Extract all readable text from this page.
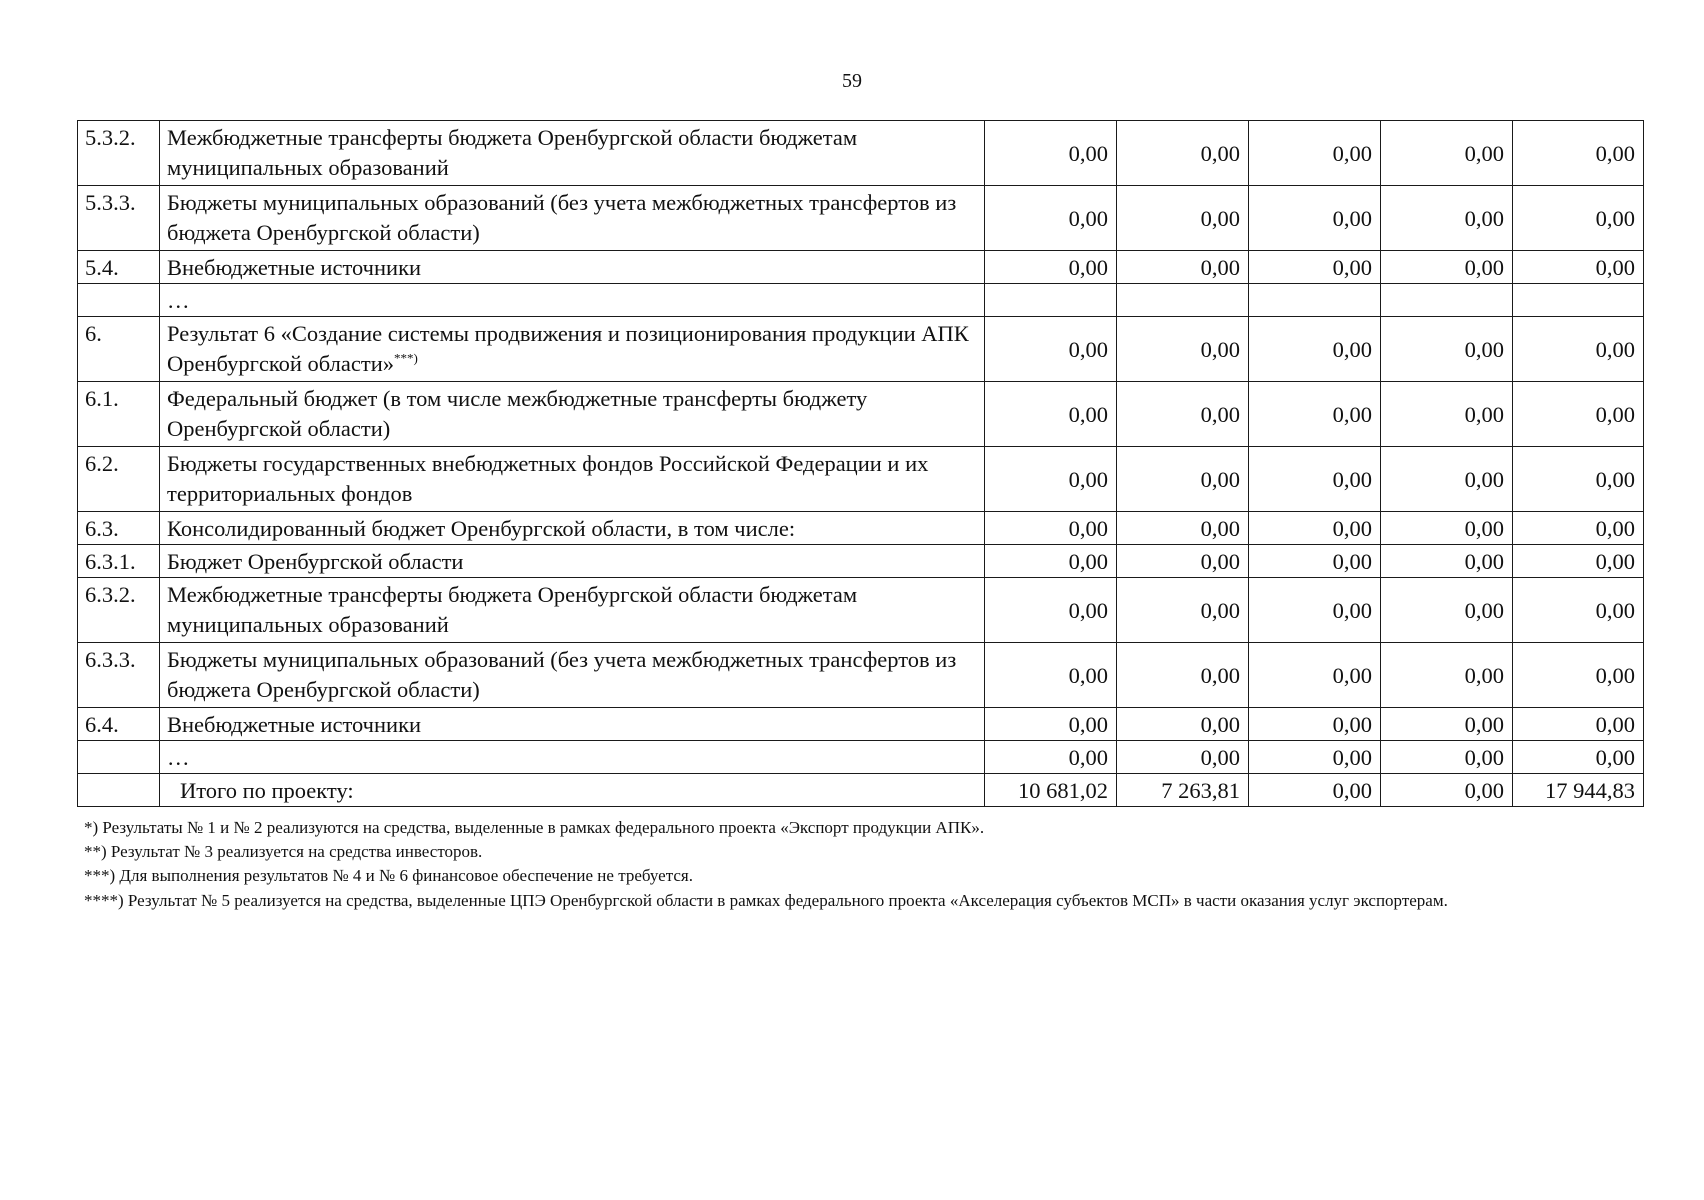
59
5.3.2.	Межбюджетные трансферты бюджета Оренбургской области бюджетам муниципальных образований	0,00	0,00	0,00	0,00	0,00
5.3.3.	Бюджеты муниципальных образований (без учета межбюджетных трансфертов из бюджета Оренбургской области)	0,00	0,00	0,00	0,00	0,00
5.4.	Внебюджетные источники	0,00	0,00	0,00	0,00	0,00
	…					
6.	Результат 6 «Создание системы продвижения и позиционирования продукции АПК Оренбургской области»***)	0,00	0,00	0,00	0,00	0,00
6.1.	Федеральный бюджет (в том числе межбюджетные трансферты бюджету Оренбургской области)	0,00	0,00	0,00	0,00	0,00
6.2.	Бюджеты государственных внебюджетных фондов Российской Федерации и их территориальных фондов	0,00	0,00	0,00	0,00	0,00
6.3.	Консолидированный бюджет Оренбургской области, в том числе:	0,00	0,00	0,00	0,00	0,00
6.3.1.	Бюджет Оренбургской области	0,00	0,00	0,00	0,00	0,00
6.3.2.	Межбюджетные трансферты бюджета Оренбургской области бюджетам муниципальных образований	0,00	0,00	0,00	0,00	0,00
6.3.3.	Бюджеты муниципальных образований (без учета межбюджетных трансфертов из бюджета Оренбургской области)	0,00	0,00	0,00	0,00	0,00
6.4.	Внебюджетные источники	0,00	0,00	0,00	0,00	0,00
	…	0,00	0,00	0,00	0,00	0,00
	Итого по проекту:	10 681,02	7 263,81	0,00	0,00	17 944,83

*) Результаты № 1 и № 2 реализуются на средства, выделенные в рамках федерального проекта «Экспорт продукции АПК».

**) Результат № 3 реализуется на средства инвесторов.

***) Для выполнения результатов № 4 и № 6 финансовое обеспечение не требуется.

****) Результат № 5 реализуется на средства, выделенные ЦПЭ Оренбургской области в рамках федерального проекта «Акселерация субъектов МСП» в части оказания услуг экспортерам.
